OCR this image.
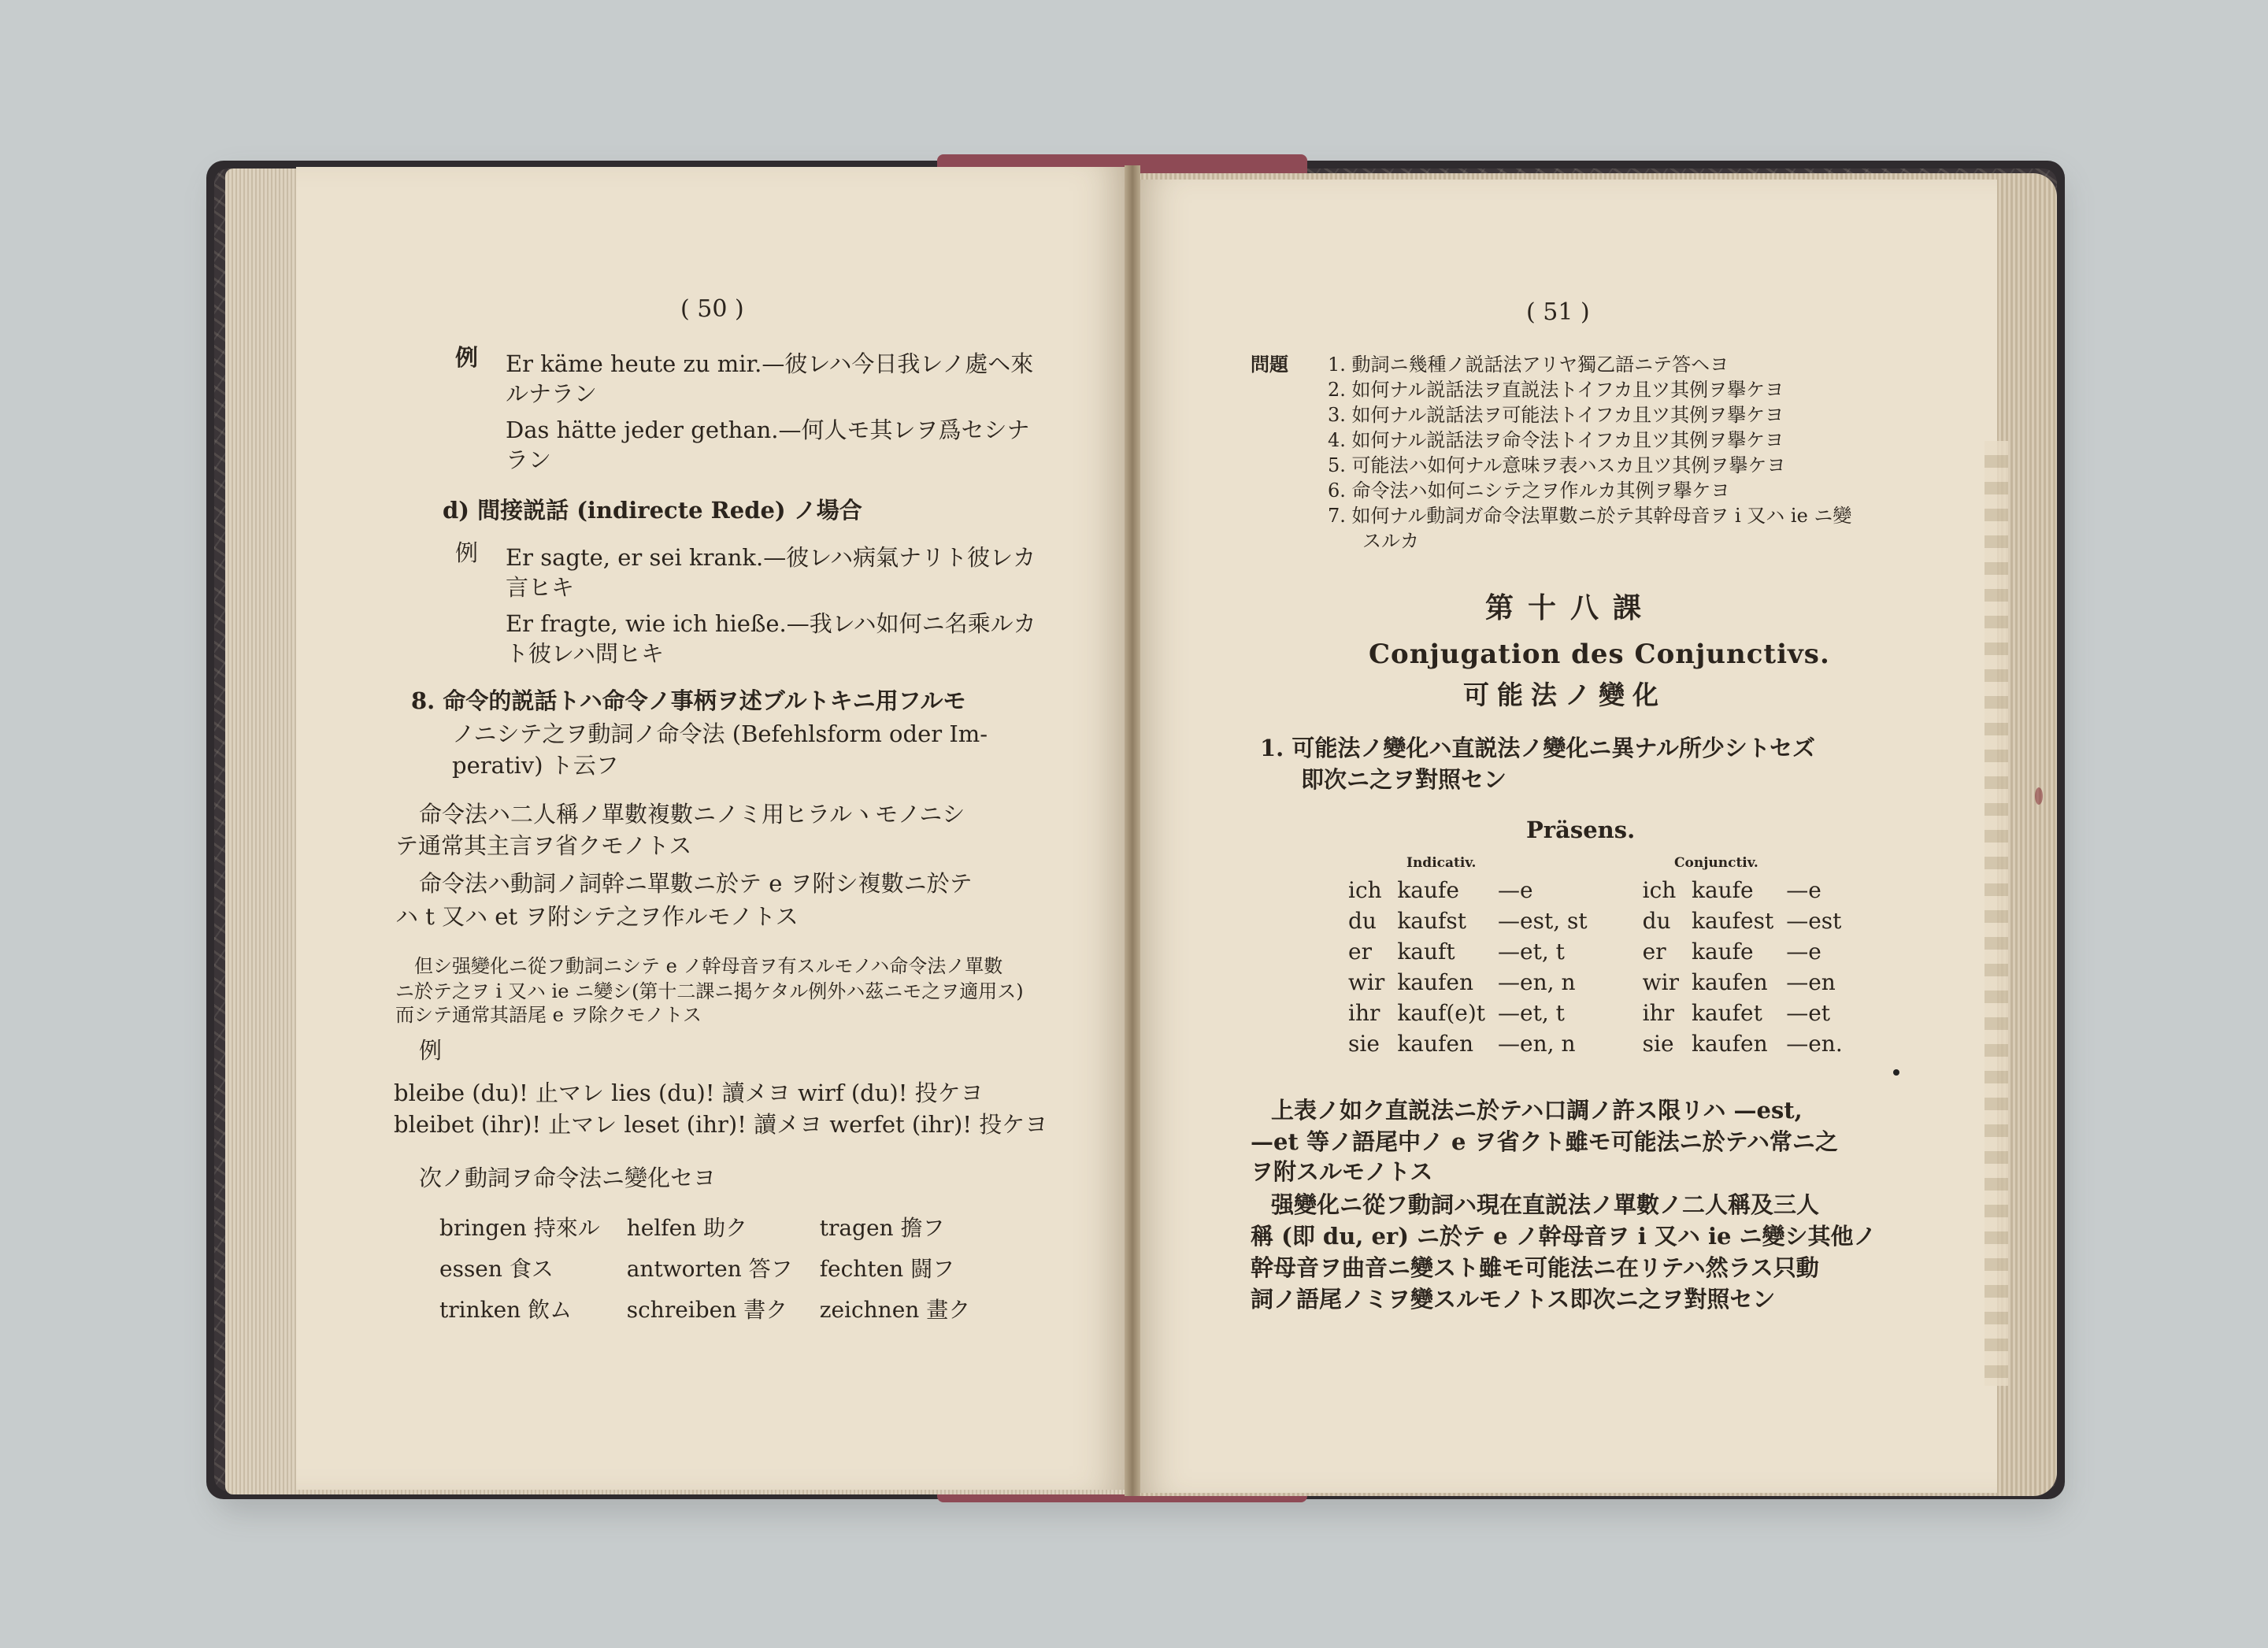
( 50 )
例 Er käme heute zu mir.—彼レハ今日我レノ處ヘ來
ルナラン
Das hätte jeder gethan.—何人モ其レヲ爲セシナ
ラン
d) 間接説話 (indirecte Rede) ノ場合
例 Er sagte, er sei krank.—彼レハ病氣ナリト彼レカ
言ヒキ
Er fragte, wie ich hieße.—我レハ如何ニ名乘ルカ
ト彼レハ問ヒキ
8. 命令的説話トハ命令ノ事柄ヲ述ブルトキニ用フルモ
ノニシテ之ヲ動詞ノ命令法 (Befehlsform oder Im-
perativ) ト云フ
命令法ハ二人稱ノ單數複數ニノミ用ヒラルヽモノニシ
テ通常其主言ヲ省クモノトス
命令法ハ動詞ノ詞幹ニ單數ニ於テ e ヲ附シ複數ニ於テ
ハ t 又ハ et ヲ附シテ之ヲ作ルモノトス
但シ强變化ニ從フ動詞ニシテ e ノ幹母音ヲ有スルモノハ命令法ノ單數
ニ於テ之ヲ i 又ハ ie ニ變シ(第十二課ニ掲ケタル例外ハ茲ニモ之ヲ適用ス)
而シテ通常其語尾 e ヲ除クモノトス
例
bleibe (du)! 止マレ lies (du)! 讀メヨ wirf (du)! 投ケヨ
bleibet (ihr)! 止マレ leset (ihr)! 讀メヨ werfet (ihr)! 投ケヨ
次ノ動詞ヲ命令法ニ變化セヨ
bringen 持來ル	helfen 助ク	tragen 擔フ
essen 食ス	antworten 答フ	fechten 闘フ
trinken 飲ム	schreiben 書ク	zeichnen 畫ク
( 51 )
問題 1. 動詞ニ幾種ノ説話法アリヤ獨乙語ニテ答ヘヨ
2. 如何ナル説話法ヲ直説法トイフカ且ツ其例ヲ擧ケヨ
3. 如何ナル説話法ヲ可能法トイフカ且ツ其例ヲ擧ケヨ
4. 如何ナル説話法ヲ命令法トイフカ且ツ其例ヲ擧ケヨ
5. 可能法ハ如何ナル意味ヲ表ハスカ且ツ其例ヲ擧ケヨ
6. 命令法ハ如何ニシテ之ヲ作ルカ其例ヲ擧ケヨ
7. 如何ナル動詞ガ命令法單數ニ於テ其幹母音ヲ i 又ハ ie ニ變
スルカ
第十八課
Conjugation des Conjunctivs.
可能法ノ變化
1. 可能法ノ變化ハ直説法ノ變化ニ異ナル所少シトセズ
即次ニ之ヲ對照セン
Präsens.
Indicativ.	Conjunctiv.
ich	kaufe	—e	ich	kaufe	—e
du	kaufst	—est, st	du	kaufest	—est
er	kauft	—et, t	er	kaufe	—e
wir	kaufen	—en, n	wir	kaufen	—en
ihr	kauf(e)t	—et, t	ihr	kaufet	—et
sie	kaufen	—en, n	sie	kaufen	—en.
上表ノ如ク直説法ニ於テハ口調ノ許ス限リハ —est,
—et 等ノ語尾中ノ e ヲ省クト雖モ可能法ニ於テハ常ニ之
ヲ附スルモノトス
强變化ニ從フ動詞ハ現在直説法ノ單數ノ二人稱及三人
稱 (即 du, er) ニ於テ e ノ幹母音ヲ i 又ハ ie ニ變シ其他ノ
幹母音ヲ曲音ニ變スト雖モ可能法ニ在リテハ然ラス只動
詞ノ語尾ノミヲ變スルモノトス即次ニ之ヲ對照セン
